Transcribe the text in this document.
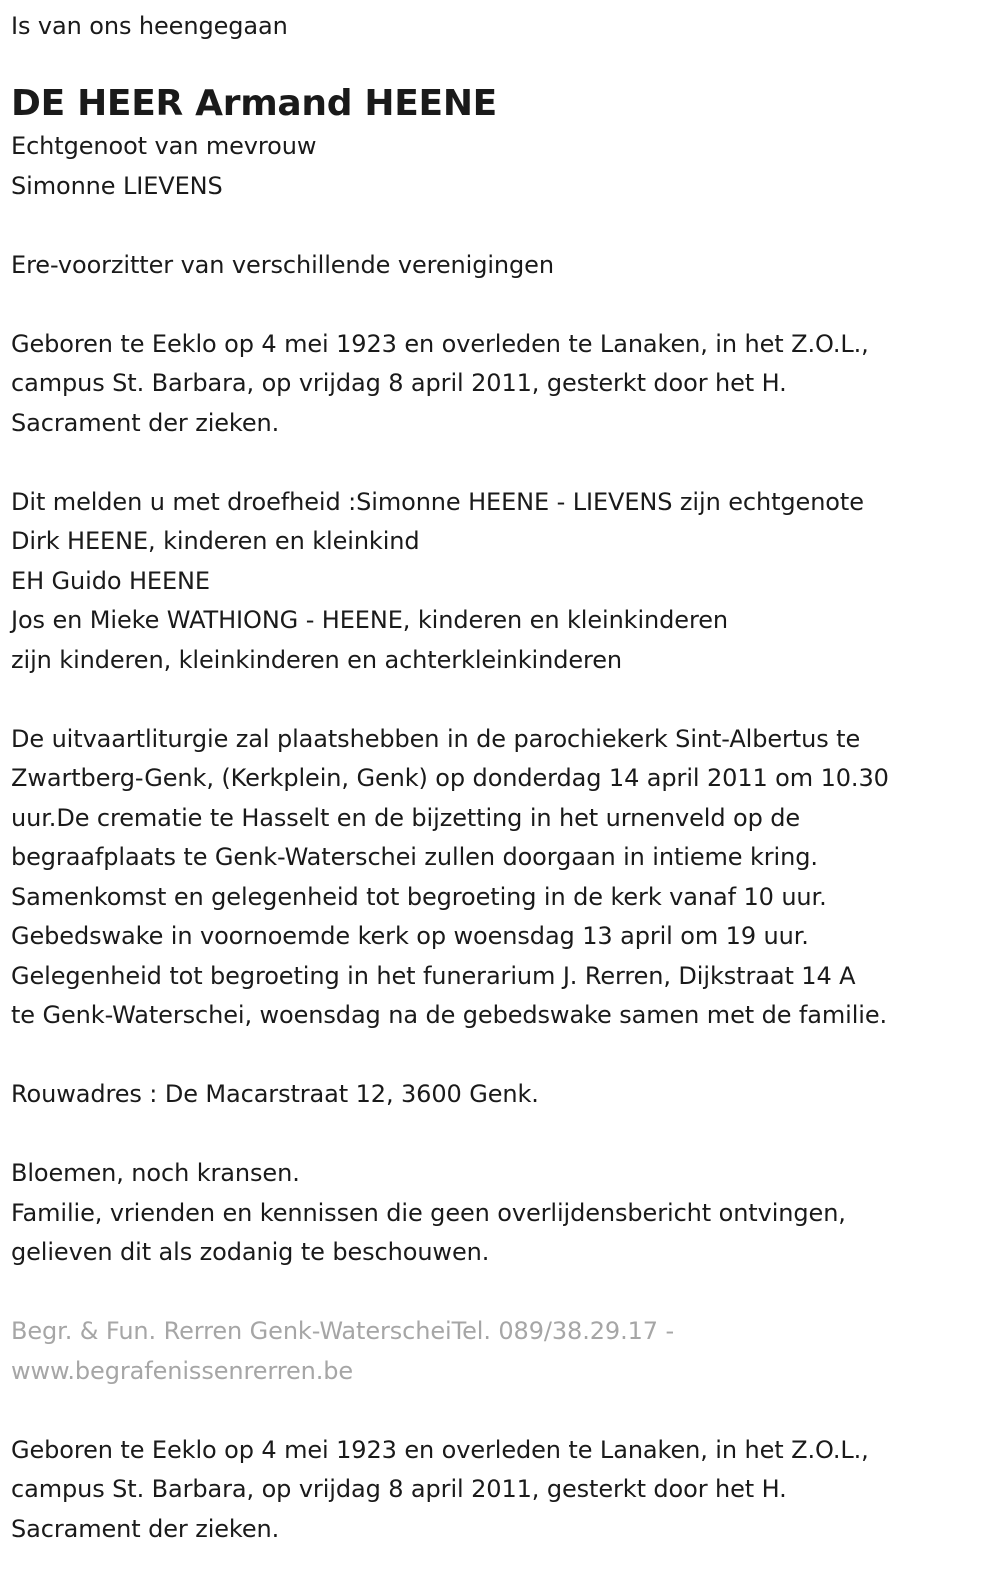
Is van ons heengegaan
DE HEER Armand HEENE
Echtgenoot van mevrouw
Simonne LIEVENS
Ere-voorzitter van verschillende verenigingen
Geboren te Eeklo op 4 mei 1923 en overleden te Lanaken, in het Z.O.L.,
campus St. Barbara, op vrijdag 8 april 2011, gesterkt door het H.
Sacrament der zieken.
Dit melden u met droefheid :Simonne HEENE - LIEVENS zijn echtgenote
Dirk HEENE, kinderen en kleinkind
EH Guido HEENE
Jos en Mieke WATHIONG - HEENE, kinderen en kleinkinderen
zijn kinderen, kleinkinderen en achterkleinkinderen
De uitvaartliturgie zal plaatshebben in de parochiekerk Sint-Albertus te
Zwartberg-Genk, (Kerkplein, Genk) op donderdag 14 april 2011 om 10.30
uur.De crematie te Hasselt en de bijzetting in het urnenveld op de
begraafplaats te Genk-Waterschei zullen doorgaan in intieme kring.
Samenkomst en gelegenheid tot begroeting in de kerk vanaf 10 uur.
Gebedswake in voornoemde kerk op woensdag 13 april om 19 uur.
Gelegenheid tot begroeting in het funerarium J. Rerren, Dijkstraat 14 A
te Genk-Waterschei, woensdag na de gebedswake samen met de familie.
Rouwadres : De Macarstraat 12, 3600 Genk.
Bloemen, noch kransen.
Familie, vrienden en kennissen die geen overlijdensbericht ontvingen,
gelieven dit als zodanig te beschouwen.
Begr. & Fun. Rerren Genk-WaterscheiTel. 089/38.29.17 -
www.begrafenissenrerren.be
Geboren te Eeklo op 4 mei 1923 en overleden te Lanaken, in het Z.O.L.,
campus St. Barbara, op vrijdag 8 april 2011, gesterkt door het H.
Sacrament der zieken.
